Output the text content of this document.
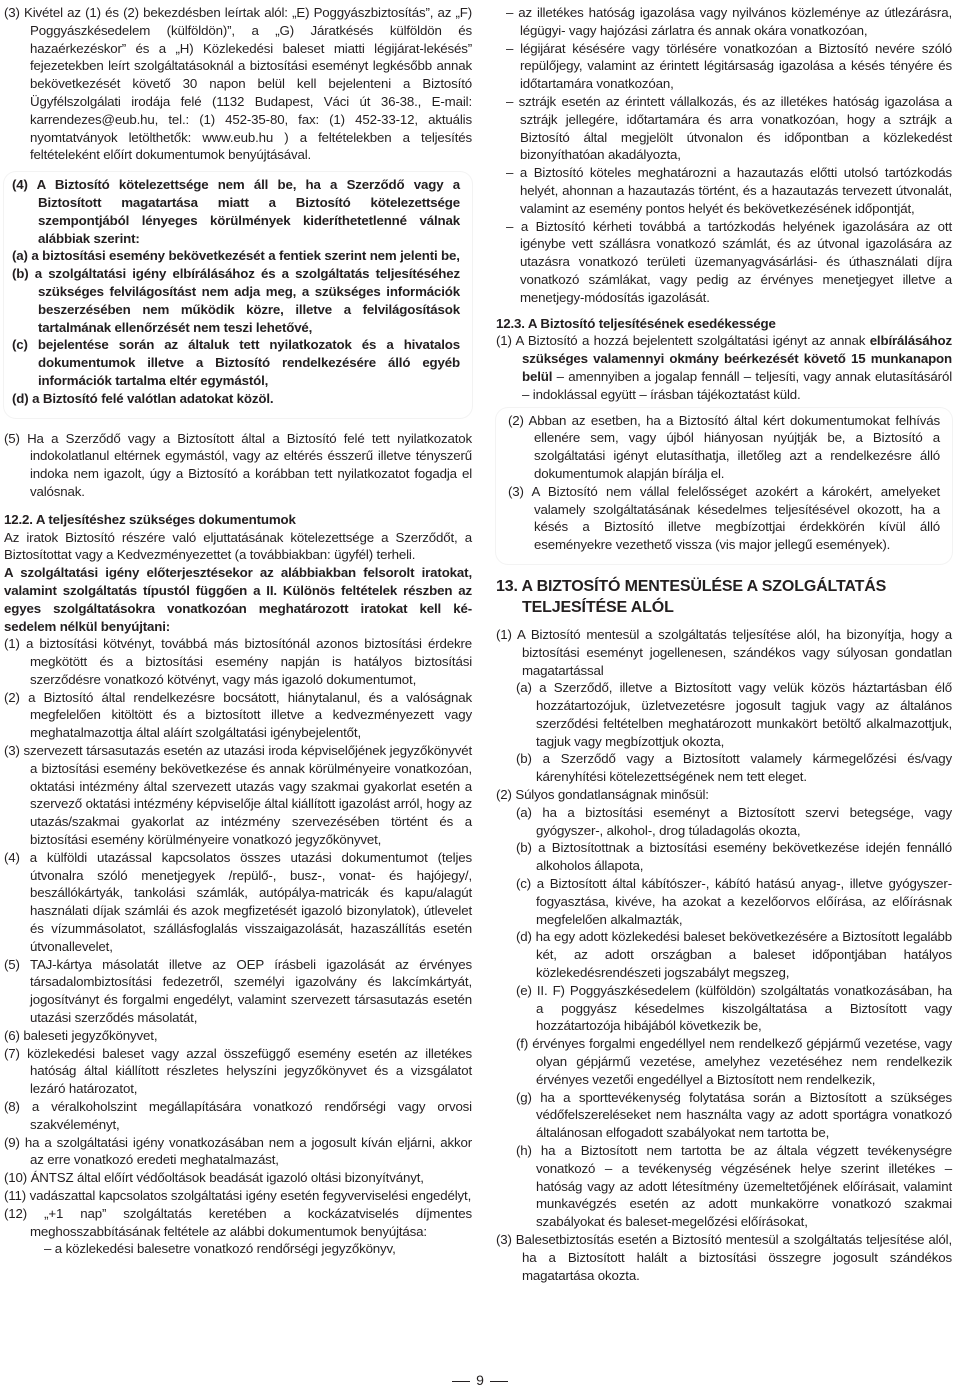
(3) Kivétel az (1) és (2) bekezdésben leírtak alól: „E) Poggyászbiztosítás”, az „F) Poggyászkésedelem (külföldön)”, a „G) Járatkésés külföldön és hazaérkezéskor” és a „H) Közlekedési baleset miatti légijárat-lekésés” fejezetekben leírt szolgáltatásoknál a biztosítási eseményt legkésőbb annak bekövetkezését követő 30 napon belül kell bejelenteni a Biztosító Ügyfélszolgálati irodája felé (1132 Budapest, Váci út 36-38., E-mail: karrendezes@eub.hu, tel.: (1) 452-35-80, fax: (1) 452-33-12, aktuális nyomtatványok letölthetők: www.eub.hu ) a feltételekben a teljesítés feltételeként előírt dokumentumok benyújtásával.

(4) A Biztosító kötelezettsége nem áll be, ha a Szerződő vagy a Biztosított magatartása miatt a Biztosító kötelezettsége szempontjából lényeges körülmények kideríthetetlenné válnak alábbiak szerint:

(a) a biztosítási esemény bekövetkezését a fentiek szerint nem jelenti be,

(b) a szolgáltatási igény elbírálásához és a szolgáltatás teljesítéséhez szükséges felvilágosítást nem adja meg, a szükséges információk beszerzésében nem működik közre, illetve a felvilágosítások tartalmának ellenőrzését nem teszi lehetővé,

(c) bejelentése során az általuk tett nyilatkozatok és a hivatalos dokumentumok illetve a Biztosító rendelkezésére álló egyéb információk tartalma eltér egymástól,

(d) a Biztosító felé valótlan adatokat közöl.

(5) Ha a Szerződő vagy a Biztosított által a Biztosító felé tett nyilatkozatok indokolatlanul eltérnek egymástól, vagy az eltérés ésszerű illetve tényszerű indoka nem igazolt, úgy a Biztosító a korábban tett nyilatkozatot fogadja el valósnak.

12.2. A teljesítéshez szükséges dokumentumok

Az iratok Biztosító részére való eljuttatásának kötelezettsége a Szerződőt, a Biztosítottat vagy a Kedvezményezettet (a továbbiakban: ügyfél) terheli.

A szolgáltatási igény előterjesztésekor az alábbiakban felsorolt iratokat, valamint szolgáltatás típustól függően a II. Különös feltételek részben az egyes szolgáltatásokra vonatkozóan meghatározott iratokat kell ké-sedelem nélkül benyújtani:

(1) a biztosítási kötvényt, továbbá más biztosítónál azonos biztosítási érdekre megkötött és a biztosítási esemény napján is hatályos biztosítási szerződésre vonatkozó kötvényt, vagy más igazoló dokumentumot,

(2) a Biztosító által rendelkezésre bocsátott, hiánytalanul, és a valóságnak megfelelően kitöltött és a biztosított illetve a kedvezményezett vagy meghatalmazottja által aláírt szolgáltatási igénybejelentőt,

(3) szervezett társasutazás esetén az utazási iroda képviselőjének jegyzőkönyvét a biztosítási esemény bekövetkezése és annak körülményeire vonatkozóan, oktatási intézmény által szervezett utazás vagy szakmai gyakorlat esetén a szervező oktatási intézmény képviselője által kiállított igazolást arról, hogy az utazás/szakmai gyakorlat az intézmény szervezésében történt és a biztosítási esemény körülményeire vonatkozó jegyzőkönyvet,

(4) a külföldi utazással kapcsolatos összes utazási dokumentumot (teljes útvonalra szóló menetjegyek /repülő-, busz-, vonat- és hajójegy/, beszállókártyák, tankolási számlák, autópálya-matricák és kapu/alagút használati díjak számlái és azok megfizetését igazoló bizonylatok), útlevelet és vízummásolatot, szállásfoglalás visszaigazolását, hazaszállítás esetén útvonallevelet,

(5) TAJ-kártya másolatát illetve az OEP írásbeli igazolását az érvényes társadalombiztosítási fedezetről, személyi igazolvány és lakcímkártyát, jogosítványt és forgalmi engedélyt, valamint szervezett társasutazás esetén utazási szerződés másolatát,

(6) baleseti jegyzőkönyvet,

(7) közlekedési baleset vagy azzal összefüggő esemény esetén az illetékes hatóság által kiállított részletes helyszíni jegyzőkönyvet és a vizsgálatot lezáró határozatot,

(8) a véralkoholszint megállapítására vonatkozó rendőrségi vagy orvosi szakvéleményt,

(9) ha a szolgáltatási igény vonatkozásában nem a jogosult kíván eljárni, akkor az erre vonatkozó eredeti meghatalmazást,

(10) ÁNTSZ által előírt védőoltások beadását igazoló oltási bizonyítványt,

(11) vadászattal kapcsolatos szolgáltatási igény esetén fegyverviselési engedélyt,

(12) „+1 nap” szolgáltatás keretében a kockázatviselés díjmentes meghosszabbításának feltétele az alábbi dokumentumok benyújtása:

– a közlekedési balesetre vonatkozó rendőrségi jegyzőkönyv,

– az illetékes hatóság igazolása vagy nyilvános közleménye az útlezárásra, légügyi- vagy hajózási zárlatra és annak okára vonatkozóan,

– légijárat késésére vagy törlésére vonatkozóan a Biztosító nevére szóló repülőjegy, valamint az érintett légitársaság igazolása a késés tényére és időtartamára vonatkozóan,

– sztrájk esetén az érintett vállalkozás, és az illetékes hatóság igazolása a sztrájk jellegére, időtartamára és arra vonatkozóan, hogy a sztrájk a Biztosító által megjelölt útvonalon és időpontban a közlekedést bizonyíthatóan akadályozta,

– a Biztosító köteles meghatározni a hazautazás előtti utolsó tartózkodás helyét, ahonnan a hazautazás történt, és a hazautazás tervezett útvonalát, valamint az esemény pontos helyét és bekövetkezésének időpontját,

– a Biztosító kérheti továbbá a tartózkodás helyének igazolására az ott igénybe vett szállásra vonatkozó számlát, és az útvonal igazolására az utazásra vonatkozó területi üzemanyagvásárlási- és úthasználati díjra vonatkozó számlákat, vagy pedig az érvényes menetjegyet illetve a menetjegy-módosítás igazolását.

12.3. A Biztosító teljesítésének esedékessége

(1) A Biztosító a hozzá bejelentett szolgáltatási igényt az annak elbírálásához szükséges valamennyi okmány beérkezését követő 15 munkanapon belül – amennyiben a jogalap fennáll – teljesíti, vagy annak elutasításáról – indoklással együtt – írásban tájékoztatást küld.

(2) Abban az esetben, ha a Biztosító által kért dokumentumokat felhívás ellenére sem, vagy újból hiányosan nyújtják be, a Biztosító a szolgáltatási igényt elutasíthatja, illetőleg azt a rendelkezésre álló dokumentumok alapján bírálja el.

(3) A Biztosító nem vállal felelősséget azokért a károkért, amelyeket valamely szolgáltatásának késedelmes teljesítésével okozott, ha a késés a Biztosító illetve megbízottjai érdekkörén kívül álló eseményekre vezethető vissza (vis major jellegű események).

13. A BIZTOSÍTÓ MENTESÜLÉSE A SZOLGÁLTATÁS TELJESÍTÉSE ALÓL

(1) A Biztosító mentesül a szolgáltatás teljesítése alól, ha bizonyítja, hogy a biztosítási eseményt jogellenesen, szándékos vagy súlyosan gondatlan magatartással

(a) a Szerződő, illetve a Biztosított vagy velük közös háztartásban élő hozzátartozójuk, üzletvezetésre jogosult tagjuk vagy az általános szerződési feltételben meghatározott munkakört betöltő alkalmazottjuk, tagjuk vagy megbízottjuk okozta,

(b) a Szerződő vagy a Biztosított valamely kármegelőzési és/vagy kárenyhítési kötelezettségének nem tett eleget.

(2) Súlyos gondatlanságnak minősül:

(a) ha a biztosítási eseményt a Biztosított szervi betegsége, vagy gyógyszer-, alkohol-, drog túladagolás okozta,

(b) a Biztosítottnak a biztosítási esemény bekövetkezése idején fennálló alkoholos állapota,

(c) a Biztosított által kábítószer-, kábító hatású anyag-, illetve gyógyszer-fogyasztása, kivéve, ha azokat a kezelőorvos előírása, az előírásnak megfelelően alkalmazták,

(d) ha egy adott közlekedési baleset bekövetkezésére a Biztosított legalább két, az adott országban a baleset időpontjában hatályos közlekedésrendészeti jogszabályt megszeg,

(e) II. F) Poggyászkésedelem (külföldön) szolgáltatás vonatkozásában, ha a poggyász késedelmes kiszolgáltatása a Biztosított vagy hozzátartozója hibájából következik be,

(f) érvényes forgalmi engedéllyel nem rendelkező gépjármű vezetése, vagy olyan gépjármű vezetése, amelyhez vezetéséhez nem rendelkezik érvényes vezetői engedéllyel a Biztosított nem rendelkezik,

(g) ha a sporttevékenység folytatása során a Biztosított a szükséges védőfelszereléseket nem használta vagy az adott sportágra vonatkozó általánosan elfogadott szabályokat nem tartotta be,

(h) ha a Biztosított nem tartotta be az általa végzett tevékenységre vonatkozó – a tevékenység végzésének helye szerint illetékes – hatóság vagy az adott létesítmény üzemeltetőjének előírásait, valamint munkavégzés esetén az adott munkakörre vonatkozó szakmai szabályokat és baleset-megelőzési előírásokat,

(3) Balesetbiztosítás esetén a Biztosító mentesül a szolgáltatás teljesítése alól, ha a Biztosított halált a biztosítási összegre jogosult szándékos magatartása okozta.

9
